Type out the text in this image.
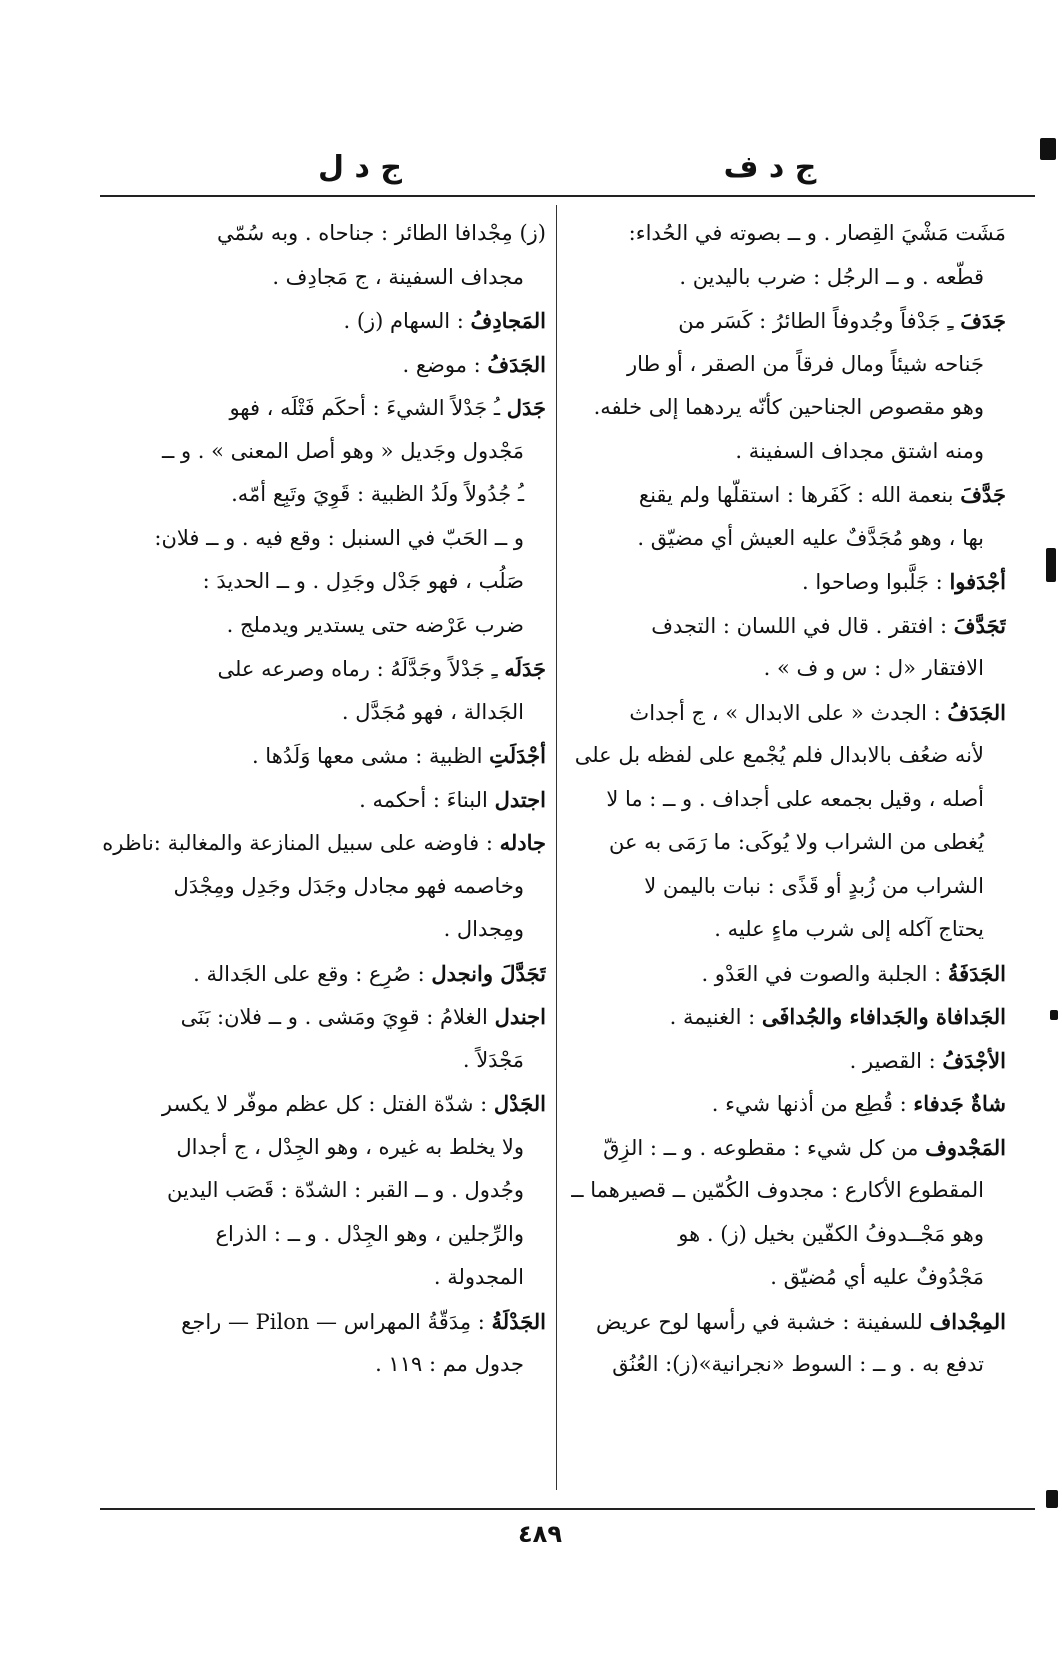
ج د ف
ج د ل
مَشَت مَشْيَ القِصار . و ــ بصوته في الحُداء:
قطّعه . و ــ الرجُل : ضرب باليدين .
جَدَفَ ـِ جَدْفاً وجُدوفاً الطائرُ : كَسَر من
جَناحه شيئاً ومال فرقاً من الصقر ، أو طار
وهو مقصوص الجناحين كأنّه يردهما إلى خلفه.
ومنه اشتق مجداف السفينة .
جَدَّفَ بنعمة الله : كَفَرها : استقلّها ولم يقنع
بها ، وهو مُجَدَّفٌ عليه العيش أي مضيّق .
أجْدَفوا : جَلَّبوا وصاحوا .
تَجَدَّفَ : افتقر . قال في اللسان : التجدف
الافتقار «ل : س و ف » .
الجَدَفُ : الجدث « على الابدال » ، ج أجداث
لأنه ضعُف بالابدال فلم يُجْمع على لفظه بل على
أصله ، وقيل بجمعه على أجداف . و ــ : ما لا
يُغطى من الشراب ولا يُوكَى: ما رَمَى به عن
الشراب من زُبدٍ أو قَذًى : نبات باليمن لا
يحتاج آكله إلى شرب ماءٍ عليه .
الجَدَفَةُ : الجلبة والصوت في العَدْو .
الجَدافاة والجَدافاء والجُدافَى : الغنيمة .
الأجْدَفُ : القصير .
شاةٌ جَدفاء : قُطِع من أذنها شيء .
المَجْدوف من كل شيء : مقطوعه . و ــ : الزِقّ
المقطوع الأكارع : مجدوف الكُمّين ــ قصيرهما ــ
وهو مَجْــدوفُ الكفّين بخيل (ز) . هو
مَجْدُوفٌ عليه أي مُضيّق .
المِجْداف للسفينة : خشبة في رأسها لوح عريض
تدفع به . و ــ : السوط «نجرانية»(ز): العُنُق
(ز) مِجْدافا الطائر : جناحاه . وبه سُمّي
مجداف السفينة ، ج مَجادِف .
المَجادِفُ : السهام (ز) .
الجَدَفُ : موضع .
جَدَل ـُ جَدْلاً الشيءَ : أحكَم فَتْلَه ، فهو
مَجْدول وجَديل « وهو أصل المعنى » . و ــ
ـُ جُدُولاً ولَدُ الظبية : قَوِيَ وتَبِع أمّه.
و ــ الحَبّ في السنبل : وقع فيه . و ــ فلان:
صَلُب ، فهو جَدْل وجَدِل . و ــ الحديدَ :
ضرب عَرْضه حتى يستدير ويدملج .
جَدَلَه ـِ جَدْلاً وجَدَّلَهُ : رماه وصرعه على
الجَدالة ، فهو مُجَدَّل .
أجْدَلَتِ الظبية : مشى معها وَلَدُها .
اجتدل البناءَ : أحكمه .
جادله : فاوضه على سبيل المنازعة والمغالبة :ناظره
وخاصمه فهو مجادل وجَدَل وجَدِل ومِجْدَل
ومِجدال .
تَجَدَّلَ وانجدل : صُرِع : وقع على الجَدالة .
اجندل الغلامُ : قوِيَ ومَشى . و ــ فلان: بَنَى
مَجْدَلاً .
الجَدْل : شدّة الفتل : كل عظم موفّر لا يكسر
ولا يخلط به غيره ، وهو الجِدْل ، ج أجدال
وجُدول . و ــ القبر : الشدّة : قَصَب اليدين
والرِّجلين ، وهو الجِدْل . و ــ : الذراع
المجدولة .
الجَدْلَةُ : مِدَقّةُ المهراس — Pilon — راجع
جدول مم : ١١٩ .
٤٨٩
